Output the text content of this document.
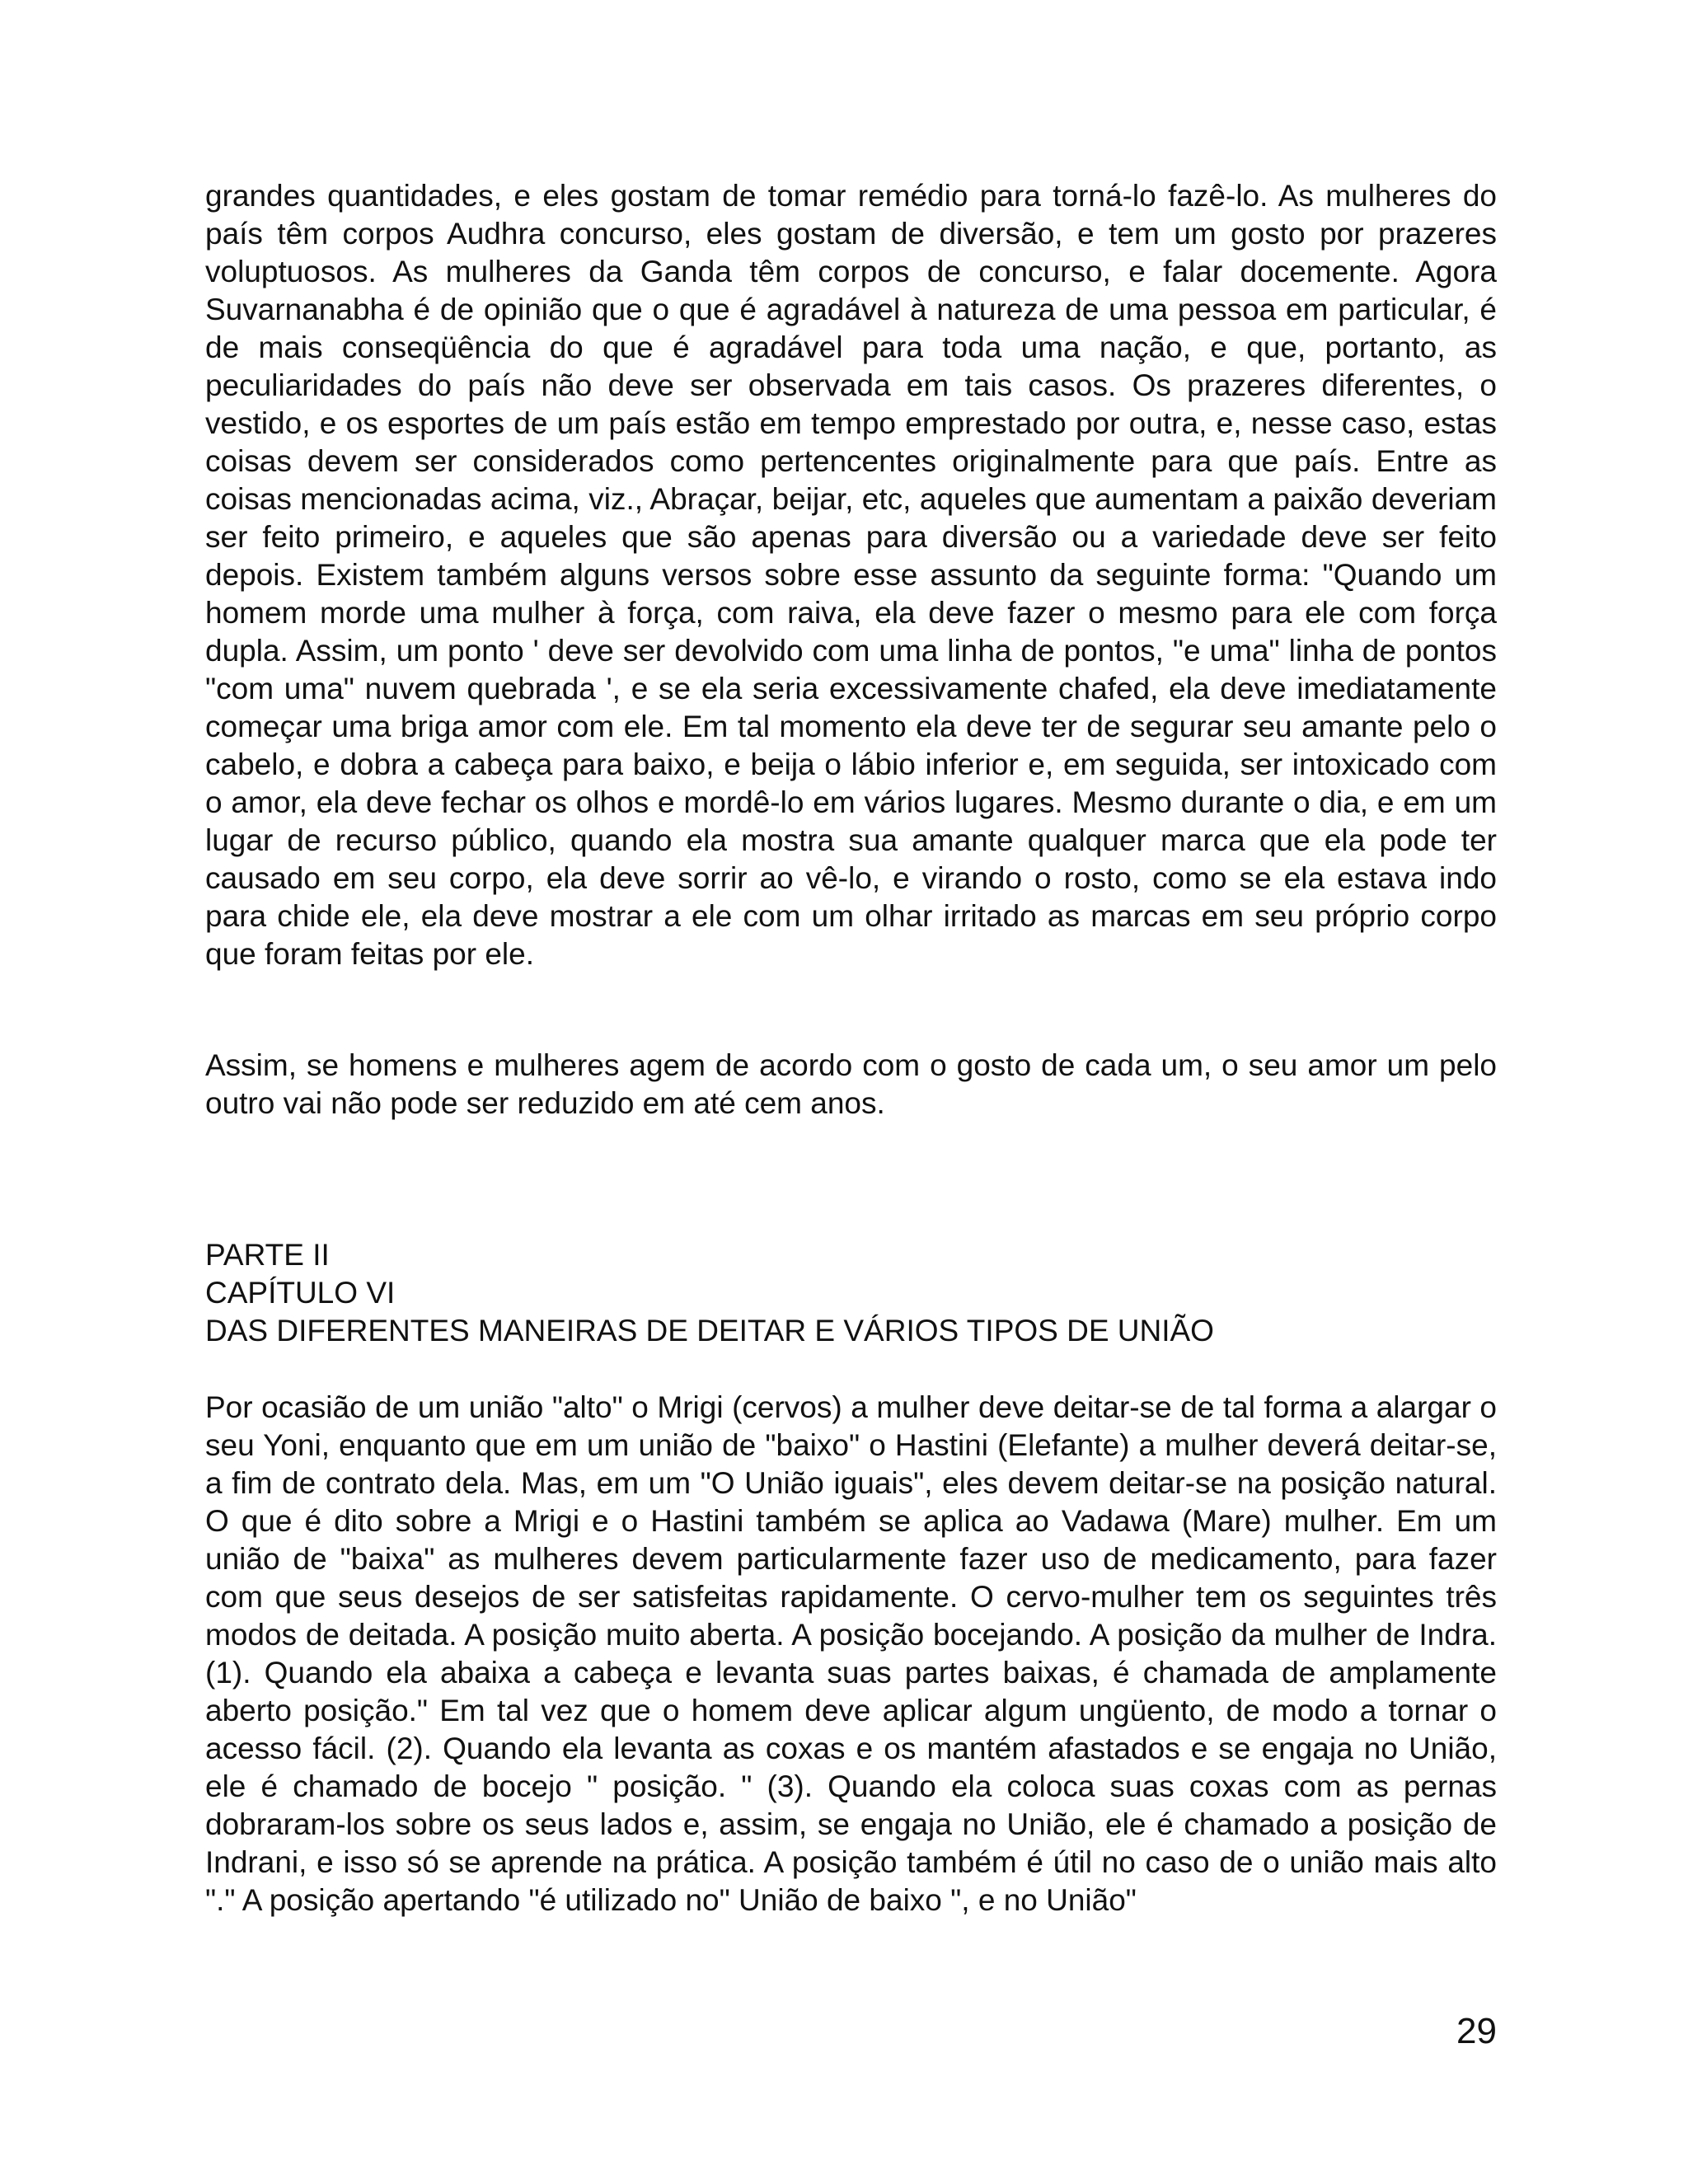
grandes quantidades, e eles gostam de tomar remédio para torná-lo fazê-lo. As mulheres do país têm corpos Audhra concurso, eles gostam de diversão, e tem um gosto por prazeres voluptuosos. As mulheres da Ganda têm corpos de concurso, e falar docemente. Agora Suvarnanabha é de opinião que o que é agradável à natureza de uma pessoa em particular, é de mais conseqüência do que é agradável para toda uma nação, e que, portanto, as peculiaridades do país não deve ser observada em tais casos. Os prazeres diferentes, o vestido, e os esportes de um país estão em tempo emprestado por outra, e, nesse caso, estas coisas devem ser considerados como pertencentes originalmente para que país. Entre as coisas mencionadas acima, viz., Abraçar, beijar, etc, aqueles que aumentam a paixão deveriam ser feito primeiro, e aqueles que são apenas para diversão ou a variedade deve ser feito depois. Existem também alguns versos sobre esse assunto da seguinte forma: "Quando um homem morde uma mulher à força, com raiva, ela deve fazer o mesmo para ele com força dupla. Assim, um ponto ' deve ser devolvido com uma linha de pontos, "e uma" linha de pontos "com uma" nuvem quebrada ', e se ela seria excessivamente chafed, ela deve imediatamente começar uma briga amor com ele. Em tal momento ela deve ter de segurar seu amante pelo o cabelo, e dobra a cabeça para baixo, e beija o lábio inferior e, em seguida, ser intoxicado com o amor, ela deve fechar os olhos e mordê-lo em vários lugares. Mesmo durante o dia, e em um lugar de recurso público, quando ela mostra sua amante qualquer marca que ela pode ter causado em seu corpo, ela deve sorrir ao vê-lo, e virando o rosto, como se ela estava indo para chide ele, ela deve mostrar a ele com um olhar irritado as marcas em seu próprio corpo que foram feitas por ele.

Assim, se homens e mulheres agem de acordo com o gosto de cada um, o seu amor um pelo outro vai não pode ser reduzido em até cem anos.

PARTE II
CAPÍTULO VI
DAS DIFERENTES MANEIRAS DE DEITAR E VÁRIOS TIPOS DE UNIÃO

Por ocasião de um união "alto" o Mrigi (cervos) a mulher deve deitar-se de tal forma a alargar o seu Yoni, enquanto que em um união de "baixo" o Hastini (Elefante) a mulher deverá deitar-se, a fim de contrato dela. Mas, em um "O União iguais", eles devem deitar-se na posição natural. O que é dito sobre a Mrigi e o Hastini também se aplica ao Vadawa (Mare) mulher. Em um união de "baixa" as mulheres devem particularmente fazer uso de medicamento, para fazer com que seus desejos de ser satisfeitas rapidamente. O cervo-mulher tem os seguintes três modos de deitada. A posição muito aberta. A posição bocejando. A posição da mulher de Indra. (1). Quando ela abaixa a cabeça e levanta suas partes baixas, é chamada de amplamente aberto posição." Em tal vez que o homem deve aplicar algum ungüento, de modo a tornar o acesso fácil. (2). Quando ela levanta as coxas e os mantém afastados e se engaja no União, ele é chamado de bocejo " posição. " (3). Quando ela coloca suas coxas com as pernas dobraram-los sobre os seus lados e, assim, se engaja no União, ele é chamado a posição de Indrani, e isso só se aprende na prática. A posição também é útil no caso de o união mais alto "." A posição apertando "é utilizado no" União de baixo ", e no União"

29
